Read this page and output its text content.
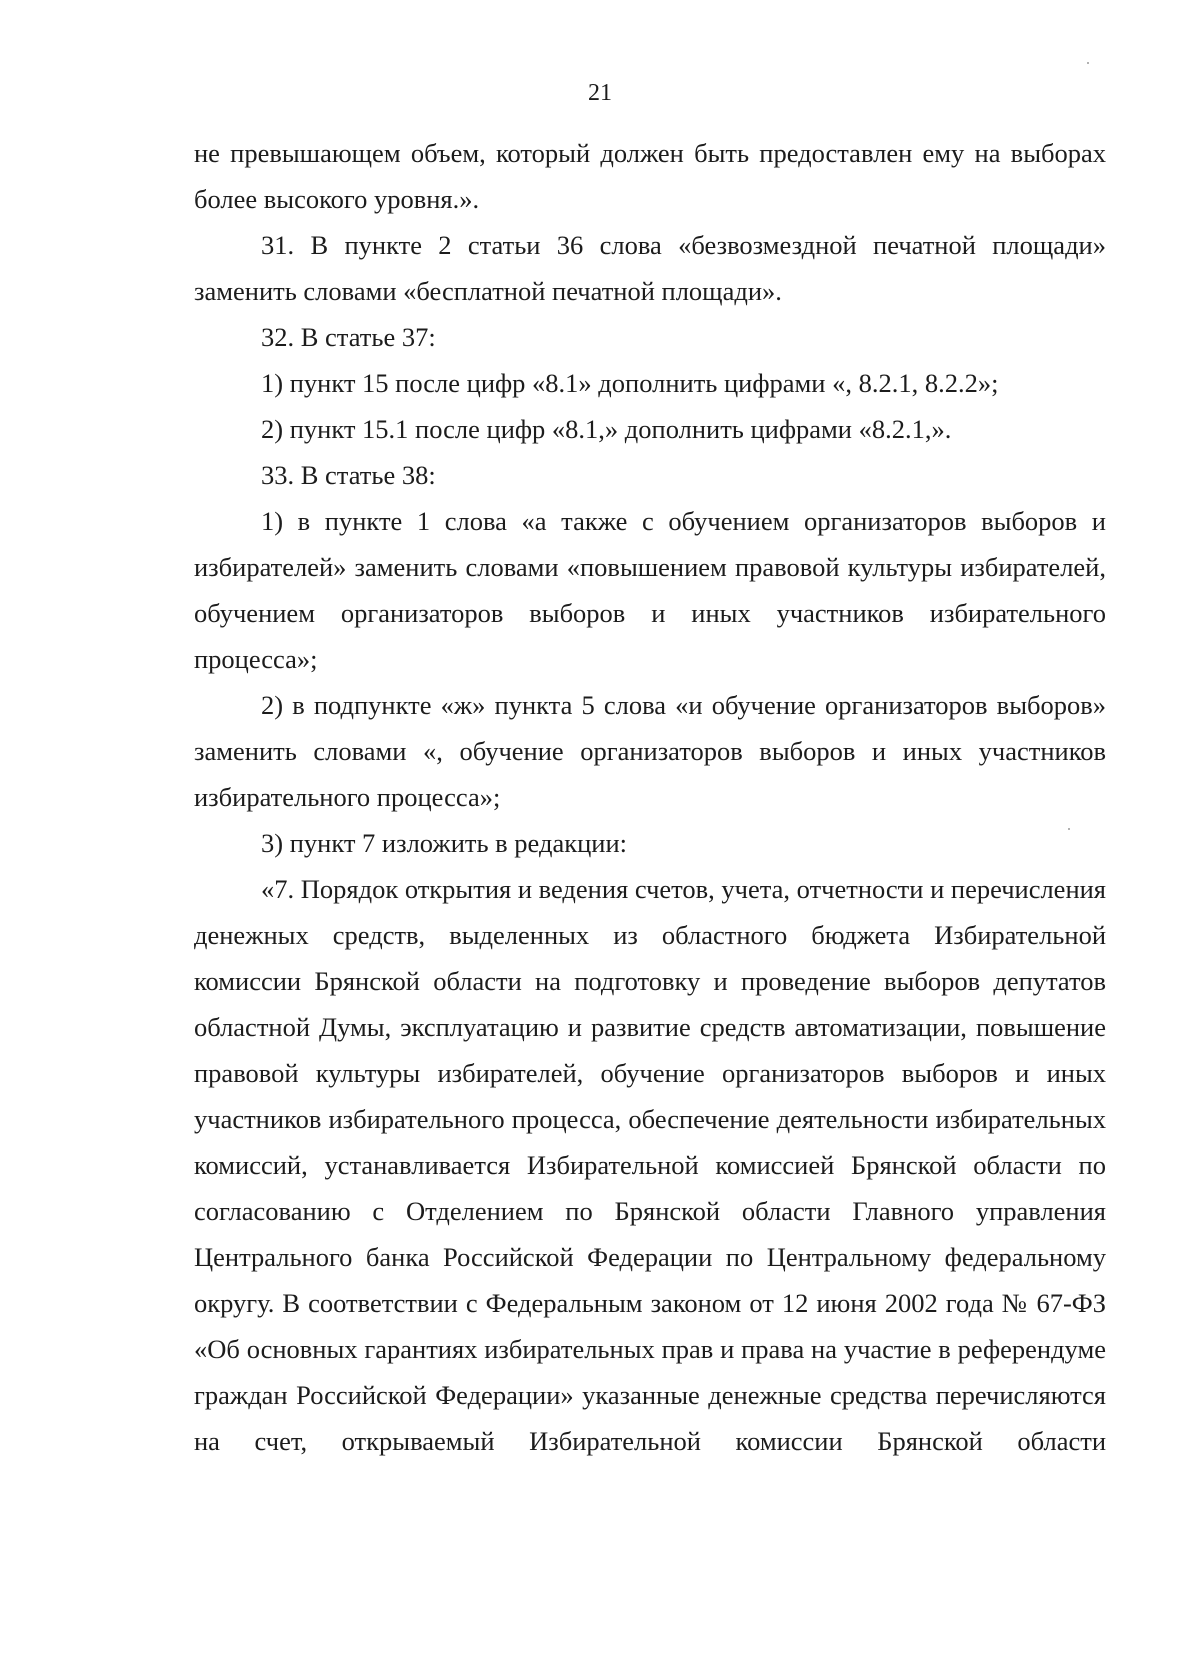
21

не превышающем объем, который должен быть предоставлен ему на выборах более высокого уровня.».

31. В пункте 2 статьи 36 слова «безвозмездной печатной площади» заменить словами «бесплатной печатной площади».

32. В статье 37:

1) пункт 15 после цифр «8.1» дополнить цифрами «, 8.2.1, 8.2.2»;

2) пункт 15.1 после цифр «8.1,» дополнить цифрами «8.2.1,».

33. В статье 38:

1) в пункте 1 слова «а также с обучением организаторов выборов и избирателей» заменить словами «повышением правовой культуры избирателей, обучением организаторов выборов и иных участников избирательного процесса»;

2) в подпункте «ж» пункта 5 слова «и обучение организаторов выборов» заменить словами «, обучение организаторов выборов и иных участников избирательного процесса»;

3) пункт 7 изложить в редакции:

«7. Порядок открытия и ведения счетов, учета, отчетности и перечисления денежных средств, выделенных из областного бюджета Избирательной комиссии Брянской области на подготовку и проведение выборов депутатов областной Думы, эксплуатацию и развитие средств автоматизации, повышение правовой культуры избирателей, обучение организаторов выборов и иных участников избирательного процесса, обеспечение деятельности избирательных комиссий, устанавливается Избирательной комиссией Брянской области по согласованию с Отделением по Брянской области Главного управления Центрального банка Российской Федерации по Центральному федеральному округу. В соответствии с Федеральным законом от 12 июня 2002 года № 67-ФЗ «Об основных гарантиях избирательных прав и права на участие в референдуме граждан Российской Федерации» указанные денежные средства перечисляются на счет, открываемый Избирательной комиссии Брянской области
